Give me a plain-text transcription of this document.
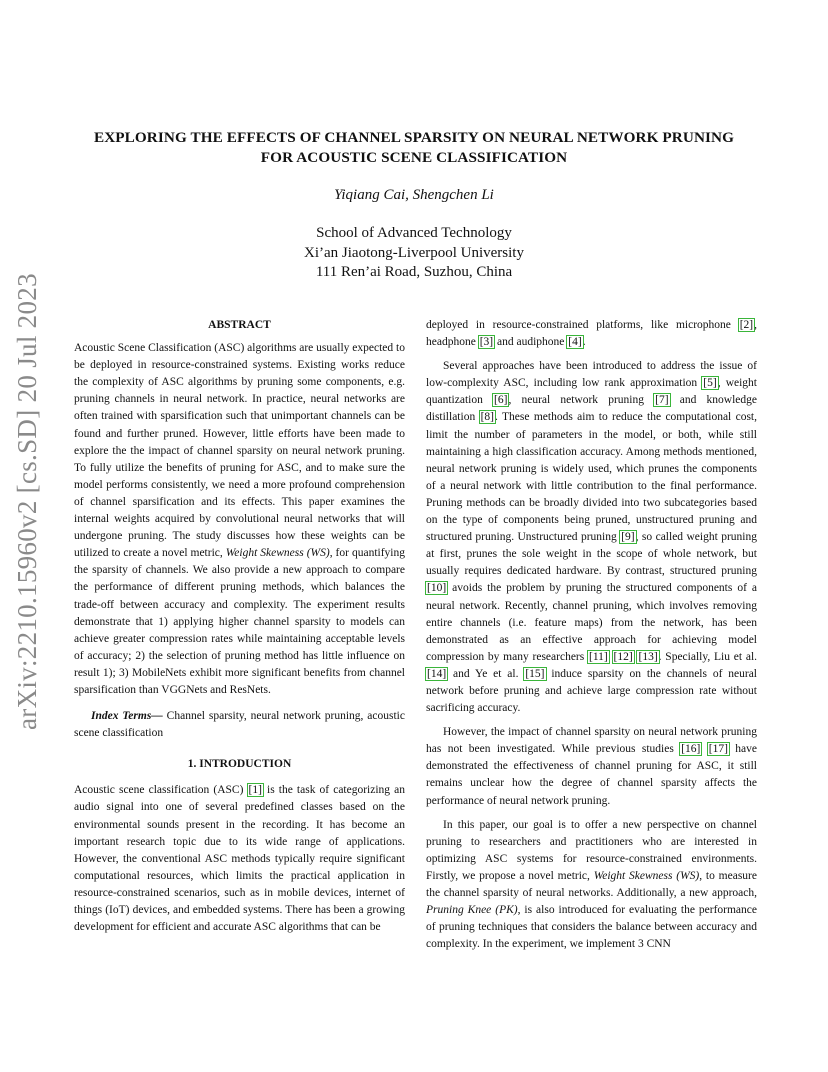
arXiv:2210.15960v2 [cs.SD] 20 Jul 2023
EXPLORING THE EFFECTS OF CHANNEL SPARSITY ON NEURAL NETWORK PRUNING
FOR ACOUSTIC SCENE CLASSIFICATION
Yiqiang Cai, Shengchen Li
School of Advanced Technology
Xi’an Jiaotong-Liverpool University
111 Ren’ai Road, Suzhou, China

ABSTRACT

Acoustic Scene Classification (ASC) algorithms are usually expected to be deployed in resource-constrained systems. Existing works reduce the complexity of ASC algorithms by pruning some components, e.g. pruning channels in neural network. In practice, neural networks are often trained with sparsification such that unimportant channels can be found and further pruned. However, little efforts have been made to explore the the impact of channel sparsity on neural network pruning. To fully utilize the benefits of pruning for ASC, and to make sure the model performs consistently, we need a more profound comprehension of channel sparsification and its effects. This paper examines the internal weights acquired by convolutional neural networks that will undergone pruning. The study discusses how these weights can be utilized to create a novel metric, Weight Skewness (WS), for quantifying the sparsity of channels. We also provide a new approach to compare the performance of different pruning methods, which balances the trade-off between accuracy and complexity. The experiment results demonstrate that 1) applying higher channel sparsity to models can achieve greater compression rates while maintaining acceptable levels of accuracy; 2) the selection of pruning method has little influence on result 1); 3) MobileNets exhibit more significant benefits from channel sparsification than VGGNets and ResNets.

Index Terms— Channel sparsity, neural network pruning, acoustic scene classification

1. INTRODUCTION

Acoustic scene classification (ASC) [1] is the task of categorizing an audio signal into one of several predefined classes based on the environmental sounds present in the recording. It has become an important research topic due to its wide range of applications. However, the conventional ASC methods typically require significant computational resources, which limits the practical application in resource-constrained scenarios, such as in mobile devices, internet of things (IoT) devices, and embedded systems. There has been a growing development for efficient and accurate ASC algorithms that can be

deployed in resource-constrained platforms, like microphone [2], headphone [3] and audiphone [4].

Several approaches have been introduced to address the issue of low-complexity ASC, including low rank approximation [5], weight quantization [6], neural network pruning [7] and knowledge distillation [8]. These methods aim to reduce the computational cost, limit the number of parameters in the model, or both, while still maintaining a high classification accuracy. Among methods mentioned, neural network pruning is widely used, which prunes the components of a neural network with little contribution to the final performance. Pruning methods can be broadly divided into two subcategories based on the type of components being pruned, unstructured pruning and structured pruning. Unstructured pruning [9], so called weight pruning at first, prunes the sole weight in the scope of whole network, but usually requires dedicated hardware. By contrast, structured pruning [10] avoids the problem by pruning the structured components of a neural network. Recently, channel pruning, which involves removing entire channels (i.e. feature maps) from the network, has been demonstrated as an effective approach for achieving model compression by many researchers [11] [12] [13]. Specially, Liu et al. [14] and Ye et al. [15] induce sparsity on the channels of neural network before pruning and achieve large compression rate without sacrificing accuracy.

However, the impact of channel sparsity on neural network pruning has not been investigated. While previous studies [16] [17] have demonstrated the effectiveness of channel pruning for ASC, it still remains unclear how the degree of channel sparsity affects the performance of neural network pruning.

In this paper, our goal is to offer a new perspective on channel pruning to researchers and practitioners who are interested in optimizing ASC systems for resource-constrained environments. Firstly, we propose a novel metric, Weight Skewness (WS), to measure the channel sparsity of neural networks. Additionally, a new approach, Pruning Knee (PK), is also introduced for evaluating the performance of pruning techniques that considers the balance between accuracy and complexity. In the experiment, we implement 3 CNN
